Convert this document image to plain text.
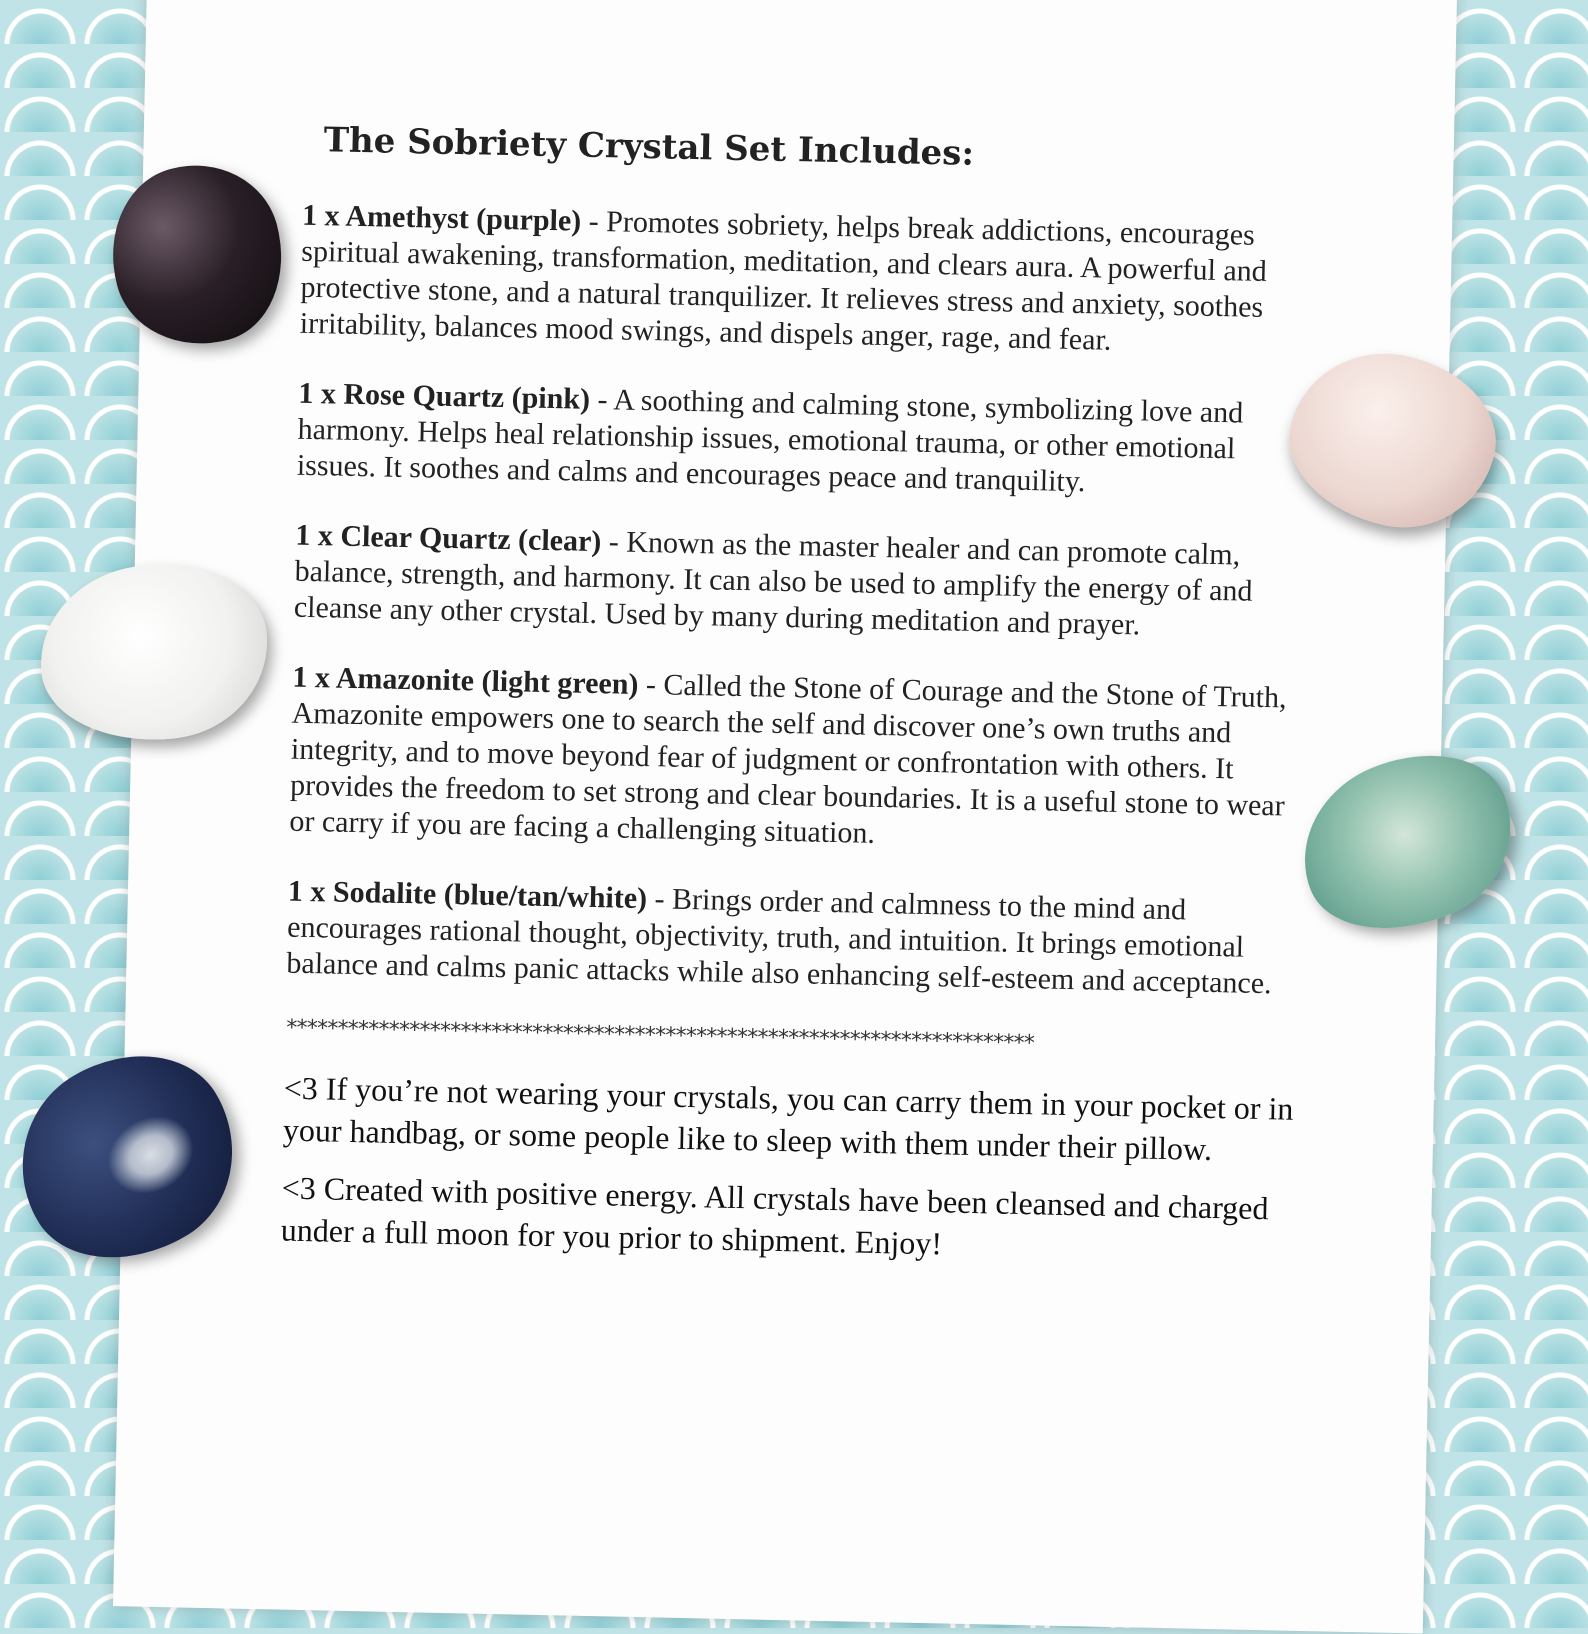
The Sobriety Crystal Set Includes:
1 x Amethyst (purple) - Promotes sobriety, helps break addictions, encourages spiritual awakening, transformation, meditation, and clears aura. A powerful and protective stone, and a natural tranquilizer. It relieves stress and anxiety, soothes irritability, balances mood swings, and dispels anger, rage, and fear.
1 x Rose Quartz (pink) - A soothing and calming stone, symbolizing love and harmony. Helps heal relationship issues, emotional trauma, or other emotional issues. It soothes and calms and encourages peace and tranquility.
1 x Clear Quartz (clear) - Known as the master healer and can promote calm, balance, strength, and harmony. It can also be used to amplify the energy of and cleanse any other crystal. Used by many during meditation and prayer.
1 x Amazonite (light green) - Called the Stone of Courage and the Stone of Truth, Amazonite empowers one to search the self and discover one’s own truths and integrity, and to move beyond fear of judgment or confrontation with others. It provides the freedom to set strong and clear boundaries. It is a useful stone to wear or carry if you are facing a challenging situation.
1 x Sodalite (blue/tan/white) - Brings order and calmness to the mind and encourages rational thought, objectivity, truth, and intuition. It brings emotional balance and calms panic attacks while also enhancing self-esteem and acceptance.
*************************************************************************
<3 If you’re not wearing your crystals, you can carry them in your pocket or in your handbag, or some people like to sleep with them under their pillow.
<3 Created with positive energy. All crystals have been cleansed and charged under a full moon for you prior to shipment. Enjoy!
